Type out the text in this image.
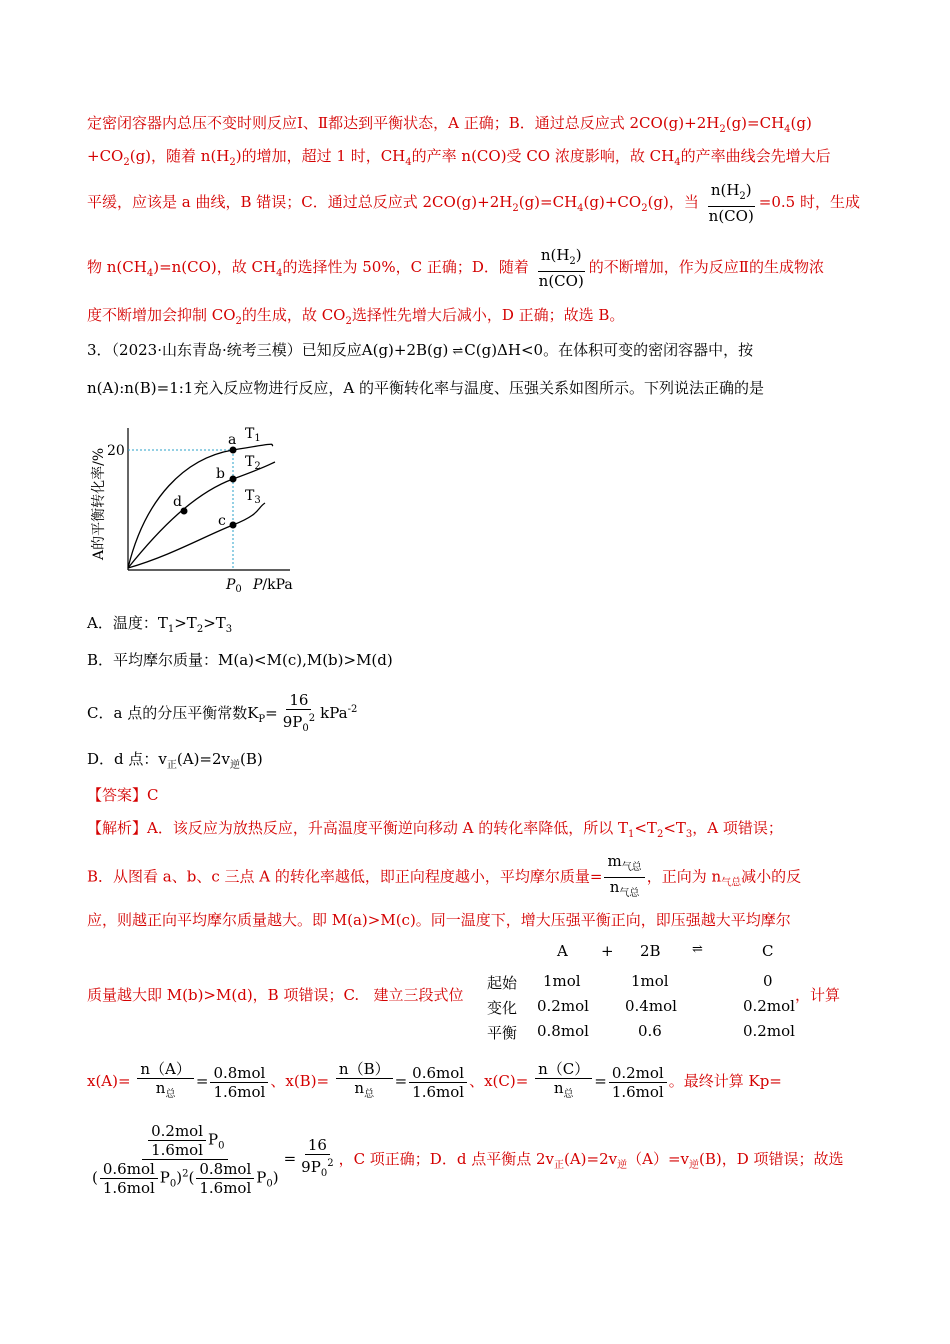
定密闭容器内总压不变时则反应Ⅰ、Ⅱ都达到平衡状态，A 正确；B．通过总反应式 $2CO(g)+2H_2(g)=CH_4(g)$
$+CO_2(g)$，随着 $n(H_2)$的增加，超过 1 时，$CH_4$的产率 n(CO)受 CO 浓度影响，故 $CH_4$的产率曲线会先增大后
平缓，应该是 a 曲线，B 错误；C．通过总反应式 $2CO(g)+2H_2(g)=CH_4(g)+CO_2(g)$，当 $\frac{n(H_2)}{n(CO)} =0.5$ 时，生成
物 $n(CH_4)=n(CO)$，故 $CH_4$的选择性为 50%，C 正确；D．随着 $\frac{n(H_2)}{n(CO)}$ 的不断增加，作为反应Ⅱ的生成物浓
度不断增加会抑制 $CO_2$的生成，故 $CO_2$选择性先增大后减小，D 正确；故选 B。
3．（2023·山东青岛·统考三模）已知反应A(g)+2B(g) ⇌ C(g)ΔH<0。在体积可变的密闭容器中，按
n(A):n(B)=1:1充入反应物进行反应，A 的平衡转化率与温度、压强关系如图所示。下列说法正确的是
A的平衡转化率/% 20
a
b
c
d
$T_1$
$T_2$
$T_3$
$P_0$ P/kPa
A．温度：$T_1>T_2>T_3$
B．平均摩尔质量：M(a)<M(c),M(b)>M(d)
C．a 点的分压平衡常数$K_P= \frac{16}{9P_0^2} kPa^{-2}$
D．d 点：$v_正(A)=2v_逆(B)$
【答案】C
【解析】A．该反应为放热反应，升高温度平衡逆向移动 A 的转化率降低，所以 $T_1<T_2<T_3$，A 项错误；
B．从图看 a、b、c 三点 A 的转化率越低，即正向程度越小，平均摩尔质量= $\frac{m_{气总}}{n_{气总}}$ ，正向为 $n_{气总}$减小的反
应，则越正向平均摩尔质量越大。即 M(a)>M(c)。同一温度下，增大压强平衡正向，即压强越大平均摩尔
质量越大即 M(b)>M(d)，B 项错误；C. 建立三段式位	，计算
A + 2B ⇌	C
起始 1mol	1mol	0
变化 0.2mol 0.4mol	0.2mol
平衡 0.8mol	0.6	0.2mol
$x(A)= \frac{n(A)}{n_总} = \frac{\text{0.8mol}}{\text{1.6mol}}$ 、$x(B)= \frac{n(B)}{n_总} = \frac{\text{0.6mol}}{\text{1.6mol}}$ 、$x(C)= \frac{n(C)}{n_总} = \frac{\text{0.2mol}}{\text{1.6mol}}$ 。最终计算 Kp=
$\frac{\frac{\text{0.2mol}}{\text{1.6mol}} P_0}{( \frac{\text{0.6mol}}{\text{1.6mol}} P_0)^2( \frac{\text{0.8mol}}{\text{1.6mol}} P_0)} = \frac{16}{9P_0^2}$ ，C 项正确；D．d 点平衡点 $2v_正(A)=2v_逆(A)=v_逆(B)$，D 项错误；故选
